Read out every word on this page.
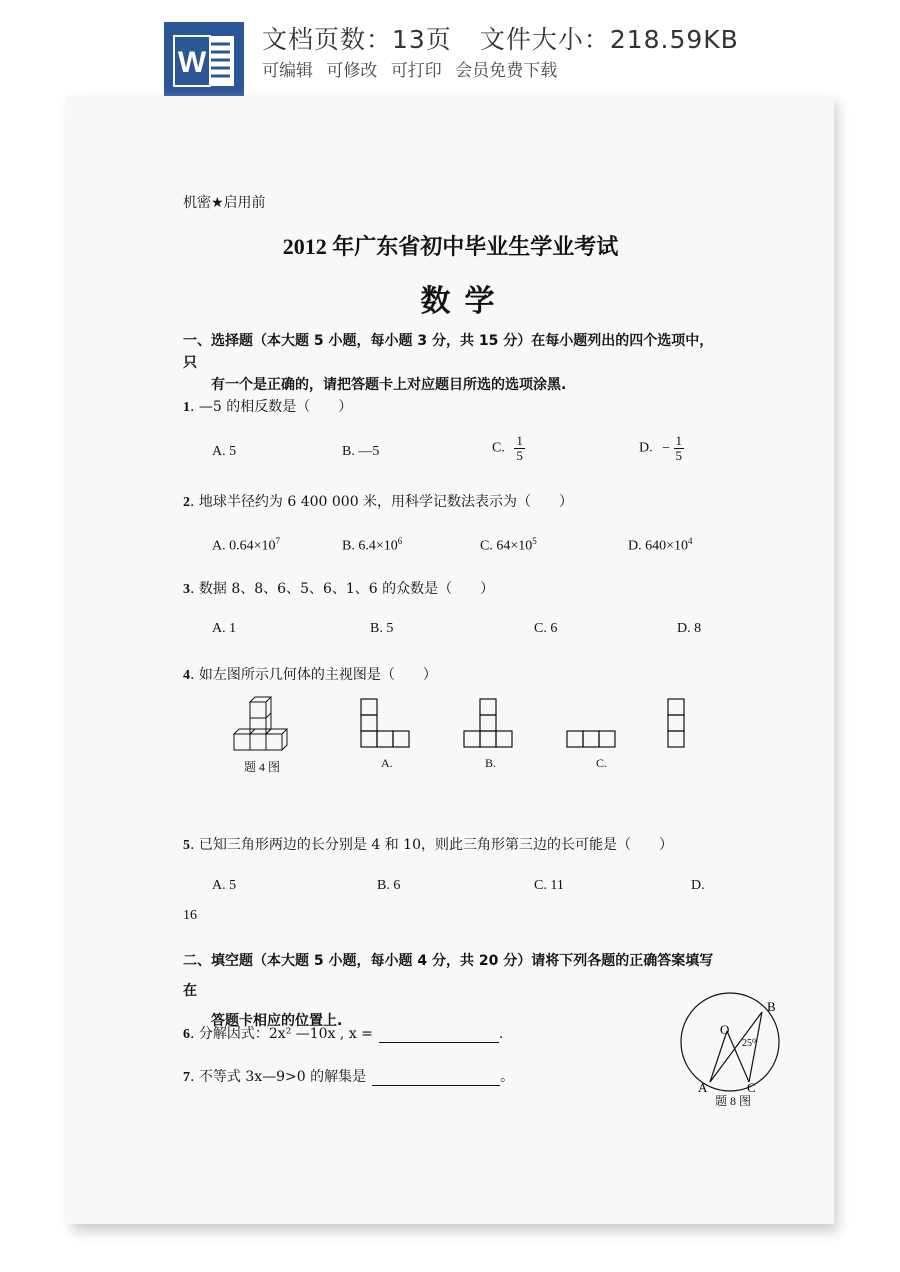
W
文档页数：13页 文件大小：218.59KB
可编辑 可修改 可打印 会员免费下载
机密★启用前
2012 年广东省初中毕业生学业考试
数学
一、选择题（本大题 5 小题，每小题 3 分，共 15 分）在每小题列出的四个选项中，只
有一个是正确的，请把答题卡上对应题目所选的选项涂黑.
1. —5 的相反数是（　　）
A. 5	B. —5	C. $\frac{1}{5}$	D. − $\frac{1}{5}$
2. 地球半径约为 6 400 000 米，用科学记数法表示为（　　）
A. $0.64\times 10^7$	B. $6.4\times 10^6$	C. $64\times 10^5$	D. $640\times 10^4$
3. 数据 8、8、6、5、6、1、6 的众数是（　　）
A. 1	B. 5	C. 6	D. 8
4. 如左图所示几何体的主视图是（　　）
题 4 图	A.	B.	C.
5. 已知三角形两边的长分别是 4 和 10，则此三角形第三边的长可能是（　　）
A. 5	B. 6	C. 11	D.
16
二、填空题（本大题 5 小题，每小题 4 分，共 20 分）请将下列各题的正确答案填写在
答题卡相应的位置上.
6. 分解因式：2x² —10x , x =	.
7. 不等式 3x—9>0 的解集是	。
O
25⁰
B
A	C
题 8 图
